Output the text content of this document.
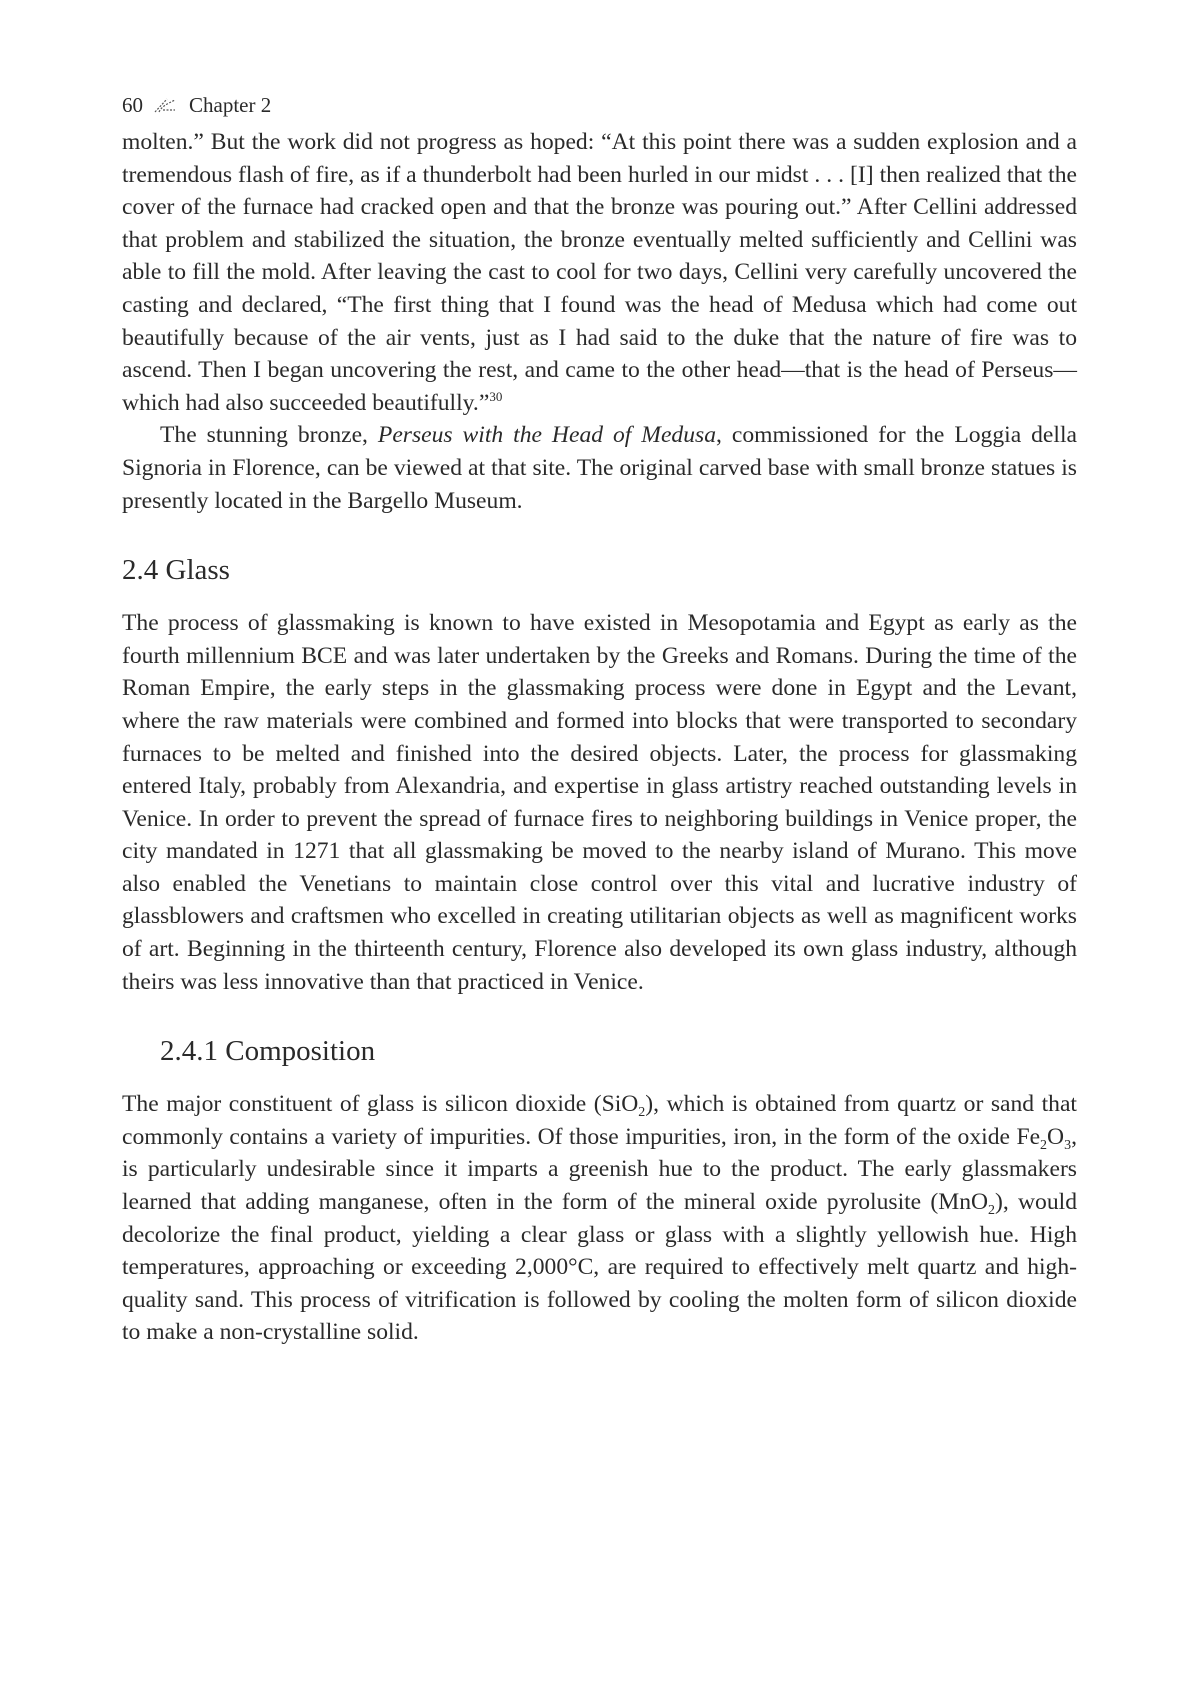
60 Chapter 2

molten.” But the work did not progress as hoped: “At this point there was a sudden explosion and a tremendous flash of fire, as if a thunderbolt had been hurled in our midst . . . [I] then realized that the cover of the furnace had cracked open and that the bronze was pouring out.” After Cellini addressed that problem and stabilized the situation, the bronze eventually melted sufficiently and Cellini was able to fill the mold. After leaving the cast to cool for two days, Cellini very carefully uncovered the casting and declared, “The first thing that I found was the head of Medusa which had come out beautifully because of the air vents, just as I had said to the duke that the nature of fire was to ascend. Then I began uncovering the rest, and came to the other head—that is the head of Perseus—which had also succeeded beautifully.”$^{30}$

The stunning bronze, Perseus with the Head of Medusa, commissioned for the Loggia della Signoria in Florence, can be viewed at that site. The original carved base with small bronze statues is presently located in the Bargello Museum.

2.4 Glass

The process of glassmaking is known to have existed in Mesopotamia and Egypt as early as the fourth millennium BCE and was later undertaken by the Greeks and Romans. During the time of the Roman Empire, the early steps in the glassmaking process were done in Egypt and the Levant, where the raw materials were combined and formed into blocks that were transported to secondary furnaces to be melted and finished into the desired objects. Later, the process for glassmaking entered Italy, probably from Alexandria, and expertise in glass artistry reached outstanding levels in Venice. In order to prevent the spread of furnace fires to neighboring buildings in Venice proper, the city mandated in 1271 that all glassmaking be moved to the nearby island of Murano. This move also enabled the Venetians to maintain close control over this vital and lucrative industry of glassblowers and craftsmen who excelled in creating utilitarian objects as well as magnificent works of art. Beginning in the thirteenth century, Florence also developed its own glass industry, although theirs was less innovative than that practiced in Venice.

2.4.1 Composition

The major constituent of glass is silicon dioxide (SiO$_2$), which is obtained from quartz or sand that commonly contains a variety of impurities. Of those impurities, iron, in the form of the oxide $Fe_2O_3$, is particularly undesirable since it imparts a greenish hue to the product. The early glassmakers learned that adding manganese, often in the form of the mineral oxide pyrolusite (MnO$_2$), would decolorize the final product, yielding a clear glass or glass with a slightly yellowish hue. High temperatures, approaching or exceeding 2,000°C, are required to effectively melt quartz and high-quality sand. This process of vitrification is followed by cooling the molten form of silicon dioxide to make a non-crystalline solid.
